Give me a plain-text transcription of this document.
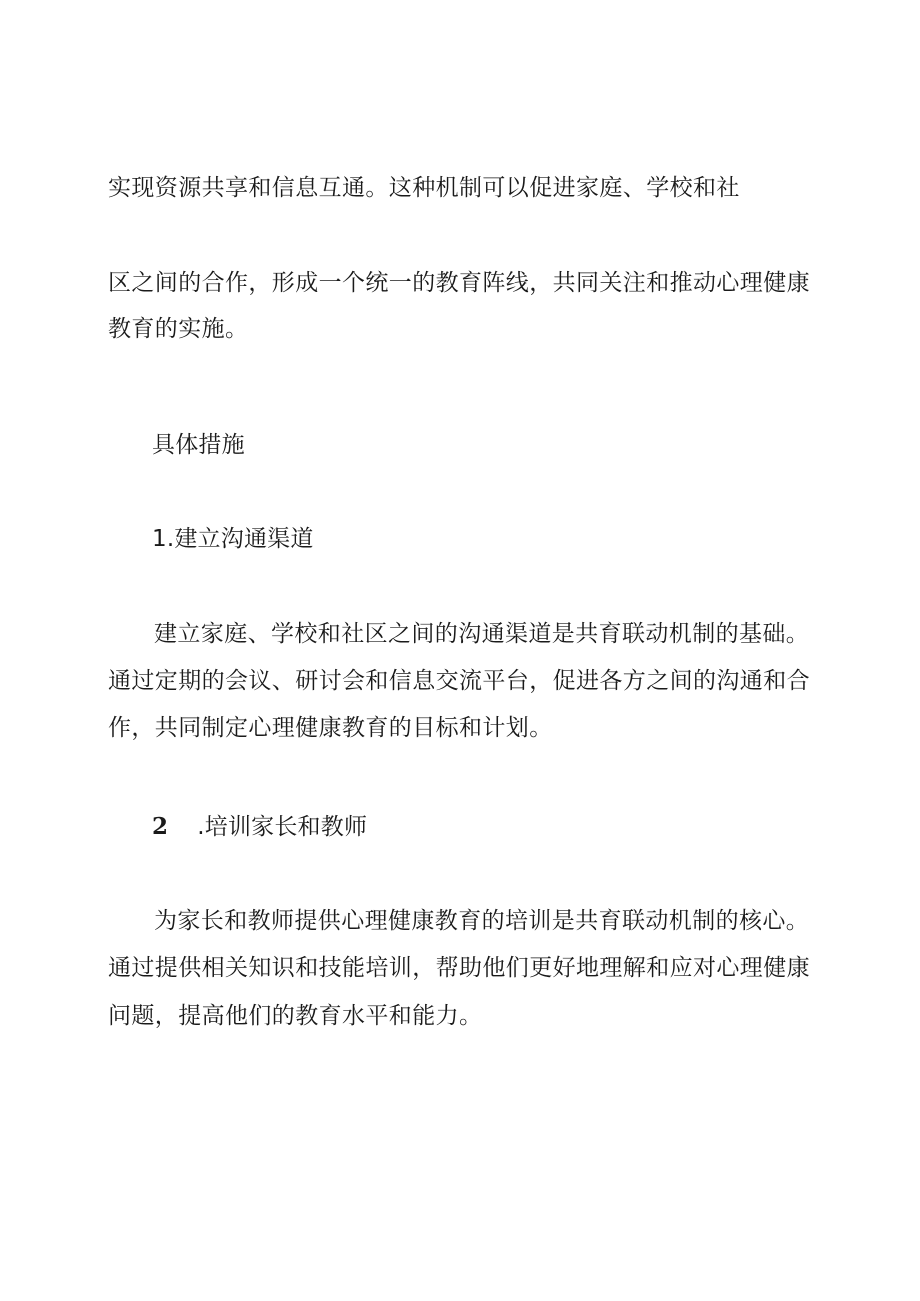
实现资源共享和信息互通。这种机制可以促进家庭、学校和社
区之间的合作，形成一个统一的教育阵线，共同关注和推动心理健康
教育的实施。
具体措施
1.建立沟通渠道
建立家庭、学校和社区之间的沟通渠道是共育联动机制的基础。
通过定期的会议、研讨会和信息交流平台，促进各方之间的沟通和合
作，共同制定心理健康教育的目标和计划。
2 .培训家长和教师
为家长和教师提供心理健康教育的培训是共育联动机制的核心。
通过提供相关知识和技能培训，帮助他们更好地理解和应对心理健康
问题，提高他们的教育水平和能力。
